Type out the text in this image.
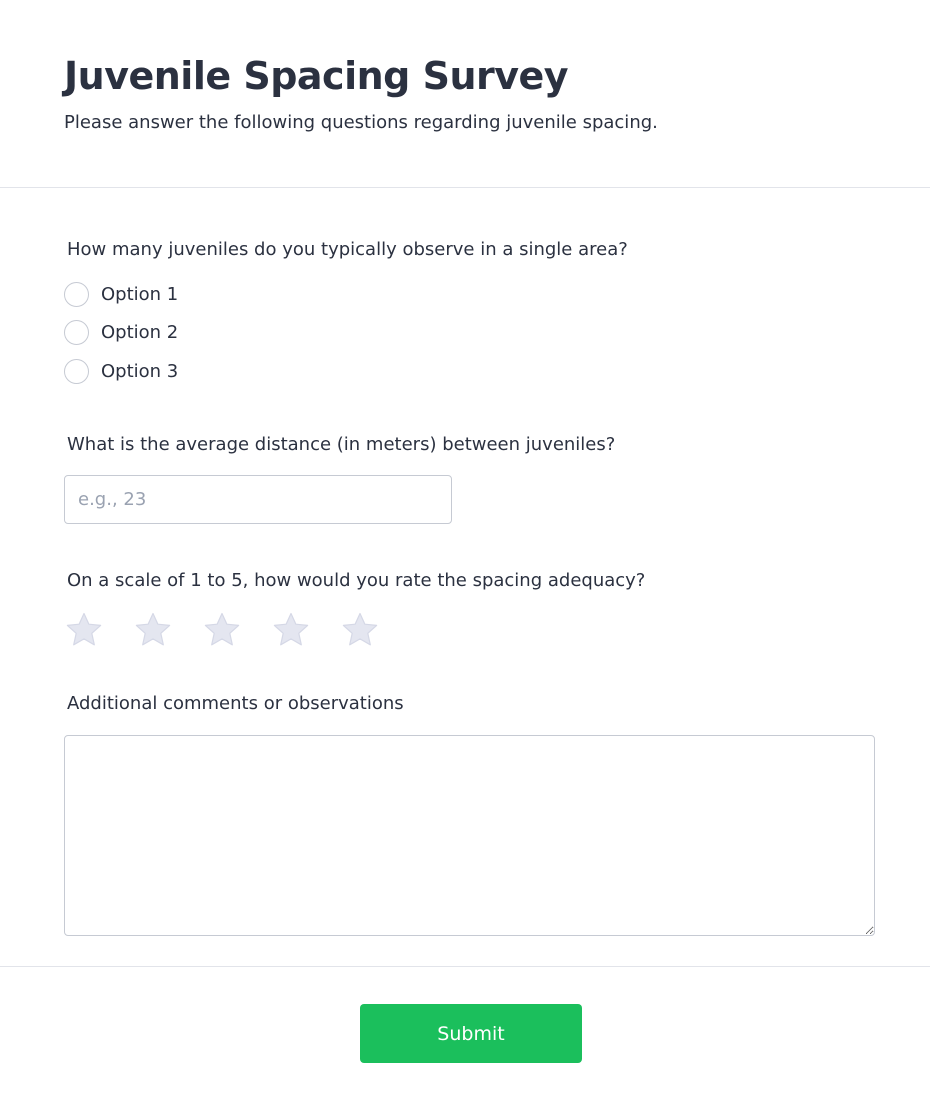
Juvenile Spacing Survey

Please answer the following questions regarding juvenile spacing.

How many juveniles do you typically observe in a single area?
Option 1
Option 2
Option 3
What is the average distance (in meters) between juveniles?
e.g., 23
On a scale of 1 to 5, how would you rate the spacing adequacy?
Additional comments or observations
Submit
